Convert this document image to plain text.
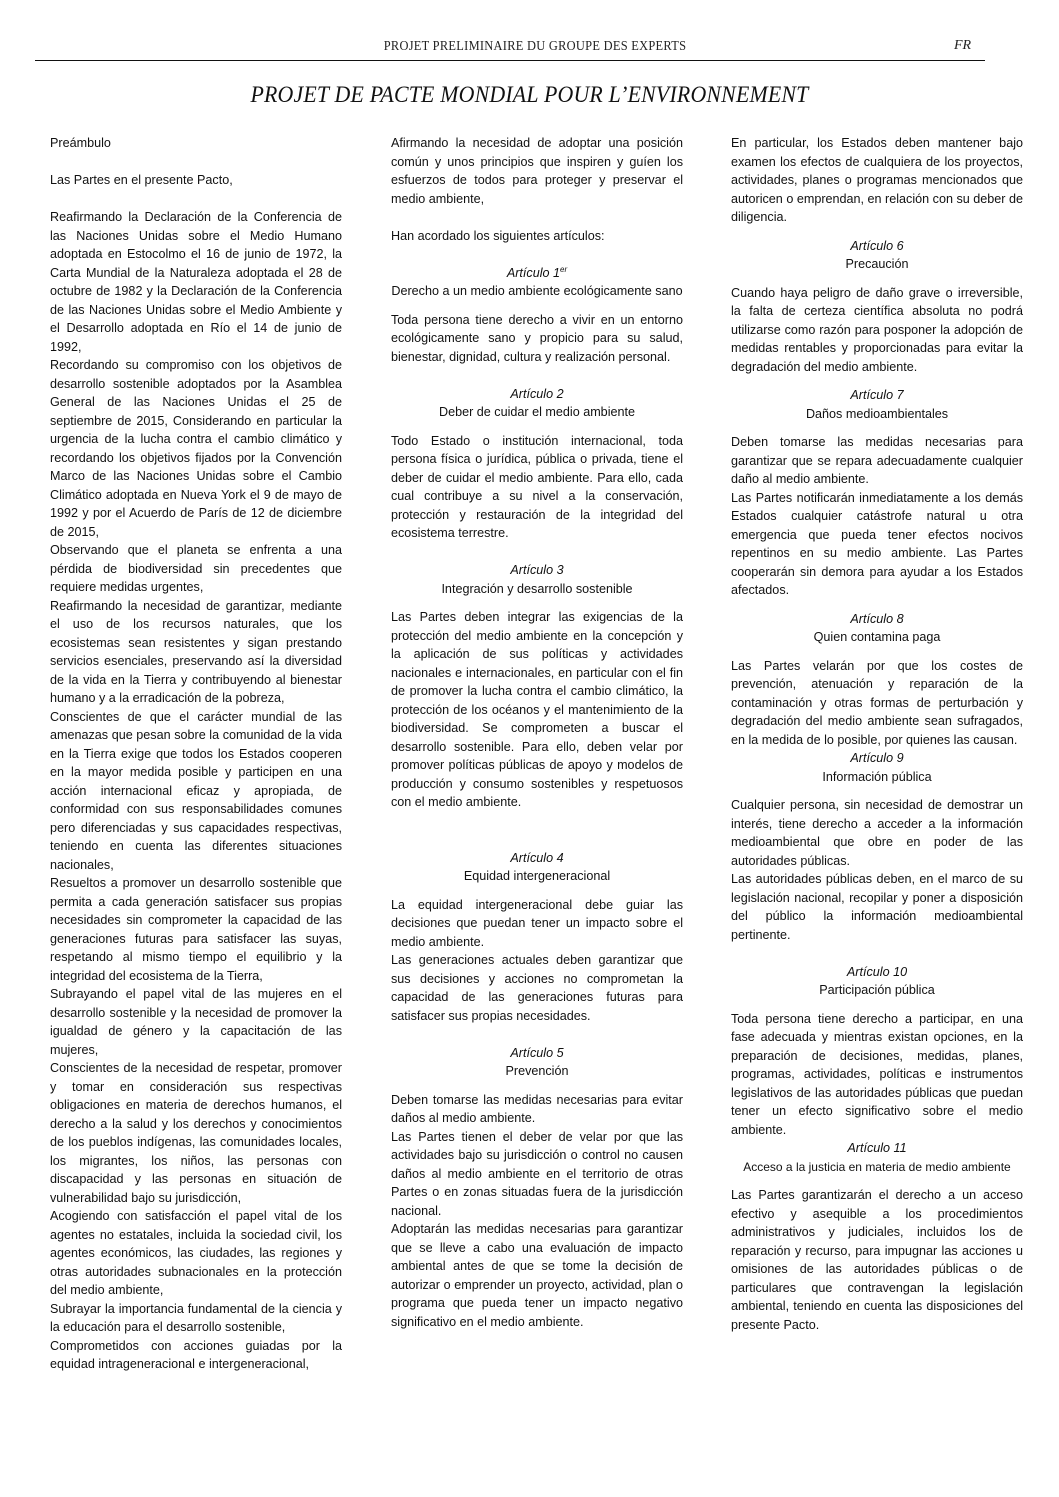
PROJET PRELIMINAIRE DU GROUPE DES EXPERTS	FR
PROJET DE PACTE MONDIAL POUR L’ENVIRONNEMENT

Preámbulo

Las Partes en el presente Pacto,

Reafirmando la Declaración de la Conferencia de las Naciones Unidas sobre el Medio Humano adoptada en Estocolmo el 16 de junio de 1972, la Carta Mundial de la Naturaleza adoptada el 28 de octubre de 1982 y la Declaración de la Conferencia de las Naciones Unidas sobre el Medio Ambiente y el Desarrollo adoptada en Río el 14 de junio de 1992,

Recordando su compromiso con los objetivos de desarrollo sostenible adoptados por la Asamblea General de las Naciones Unidas el 25 de septiembre de 2015, Considerando en particular la urgencia de la lucha contra el cambio climático y recordando los objetivos fijados por la Convención Marco de las Naciones Unidas sobre el Cambio Climático adoptada en Nueva York el 9 de mayo de 1992 y por el Acuerdo de París de 12 de diciembre de 2015,

Observando que el planeta se enfrenta a una pérdida de biodiversidad sin precedentes que requiere medidas urgentes,

Reafirmando la necesidad de garantizar, mediante el uso de los recursos naturales, que los ecosistemas sean resistentes y sigan prestando servicios esenciales, preservando así la diversidad de la vida en la Tierra y contribuyendo al bienestar humano y a la erradicación de la pobreza,

Conscientes de que el carácter mundial de las amenazas que pesan sobre la comunidad de la vida en la Tierra exige que todos los Estados cooperen en la mayor medida posible y participen en una acción internacional eficaz y apropiada, de conformidad con sus responsabilidades comunes pero diferenciadas y sus capacidades respectivas, teniendo en cuenta las diferentes situaciones nacionales,

Resueltos a promover un desarrollo sostenible que permita a cada generación satisfacer sus propias necesidades sin comprometer la capacidad de las generaciones futuras para satisfacer las suyas, respetando al mismo tiempo el equilibrio y la integridad del ecosistema de la Tierra,

Subrayando el papel vital de las mujeres en el desarrollo sostenible y la necesidad de promover la igualdad de género y la capacitación de las mujeres,

Conscientes de la necesidad de respetar, promover y tomar en consideración sus respectivas obligaciones en materia de derechos humanos, el derecho a la salud y los derechos y conocimientos de los pueblos indígenas, las comunidades locales, los migrantes, los niños, las personas con discapacidad y las personas en situación de vulnerabilidad bajo su jurisdicción,

Acogiendo con satisfacción el papel vital de los agentes no estatales, incluida la sociedad civil, los agentes económicos, las ciudades, las regiones y otras autoridades subnacionales en la protección del medio ambiente,

Subrayar la importancia fundamental de la ciencia y la educación para el desarrollo sostenible,

Comprometidos con acciones guiadas por la equidad intrageneracional e intergeneracional,

Afirmando la necesidad de adoptar una posición común y unos principios que inspiren y guíen los esfuerzos de todos para proteger y preservar el medio ambiente,

Han acordado los siguientes artículos:

Artículo 1er

Derecho a un medio ambiente ecológicamente sano

Toda persona tiene derecho a vivir en un entorno ecológicamente sano y propicio para su salud, bienestar, dignidad, cultura y realización personal.

Artículo 2

Deber de cuidar el medio ambiente

Todo Estado o institución internacional, toda persona física o jurídica, pública o privada, tiene el deber de cuidar el medio ambiente. Para ello, cada cual contribuye a su nivel a la conservación, protección y restauración de la integridad del ecosistema terrestre.

Artículo 3

Integración y desarrollo sostenible

Las Partes deben integrar las exigencias de la protección del medio ambiente en la concepción y la aplicación de sus políticas y actividades nacionales e internacionales, en particular con el fin de promover la lucha contra el cambio climático, la protección de los océanos y el mantenimiento de la biodiversidad. Se comprometen a buscar el desarrollo sostenible. Para ello, deben velar por promover políticas públicas de apoyo y modelos de producción y consumo sostenibles y respetuosos con el medio ambiente.

Artículo 4

Equidad intergeneracional

La equidad intergeneracional debe guiar las decisiones que puedan tener un impacto sobre el medio ambiente.

Las generaciones actuales deben garantizar que sus decisiones y acciones no comprometan la capacidad de las generaciones futuras para satisfacer sus propias necesidades.

Artículo 5

Prevención

Deben tomarse las medidas necesarias para evitar daños al medio ambiente.

Las Partes tienen el deber de velar por que las actividades bajo su jurisdicción o control no causen daños al medio ambiente en el territorio de otras Partes o en zonas situadas fuera de la jurisdicción nacional.

Adoptarán las medidas necesarias para garantizar que se lleve a cabo una evaluación de impacto ambiental antes de que se tome la decisión de autorizar o emprender un proyecto, actividad, plan o programa que pueda tener un impacto negativo significativo en el medio ambiente.

En particular, los Estados deben mantener bajo examen los efectos de cualquiera de los proyectos, actividades, planes o programas mencionados que autoricen o emprendan, en relación con su deber de diligencia.

Artículo 6

Precaución

Cuando haya peligro de daño grave o irreversible, la falta de certeza científica absoluta no podrá utilizarse como razón para posponer la adopción de medidas rentables y proporcionadas para evitar la degradación del medio ambiente.

Artículo 7

Daños medioambientales

Deben tomarse las medidas necesarias para garantizar que se repara adecuadamente cualquier daño al medio ambiente.

Las Partes notificarán inmediatamente a los demás Estados cualquier catástrofe natural u otra emergencia que pueda tener efectos nocivos repentinos en su medio ambiente. Las Partes cooperarán sin demora para ayudar a los Estados afectados.

Artículo 8

Quien contamina paga

Las Partes velarán por que los costes de prevención, atenuación y reparación de la contaminación y otras formas de perturbación y degradación del medio ambiente sean sufragados, en la medida de lo posible, por quienes las causan.

Artículo 9

Información pública

Cualquier persona, sin necesidad de demostrar un interés, tiene derecho a acceder a la información medioambiental que obre en poder de las autoridades públicas.

Las autoridades públicas deben, en el marco de su legislación nacional, recopilar y poner a disposición del público la información medioambiental pertinente.

Artículo 10

Participación pública

Toda persona tiene derecho a participar, en una fase adecuada y mientras existan opciones, en la preparación de decisiones, medidas, planes, programas, actividades, políticas e instrumentos legislativos de las autoridades públicas que puedan tener un efecto significativo sobre el medio ambiente.

Artículo 11

Acceso a la justicia en materia de medio ambiente

Las Partes garantizarán el derecho a un acceso efectivo y asequible a los procedimientos administrativos y judiciales, incluidos los de reparación y recurso, para impugnar las acciones u omisiones de las autoridades públicas o de particulares que contravengan la legislación ambiental, teniendo en cuenta las disposiciones del presente Pacto.
